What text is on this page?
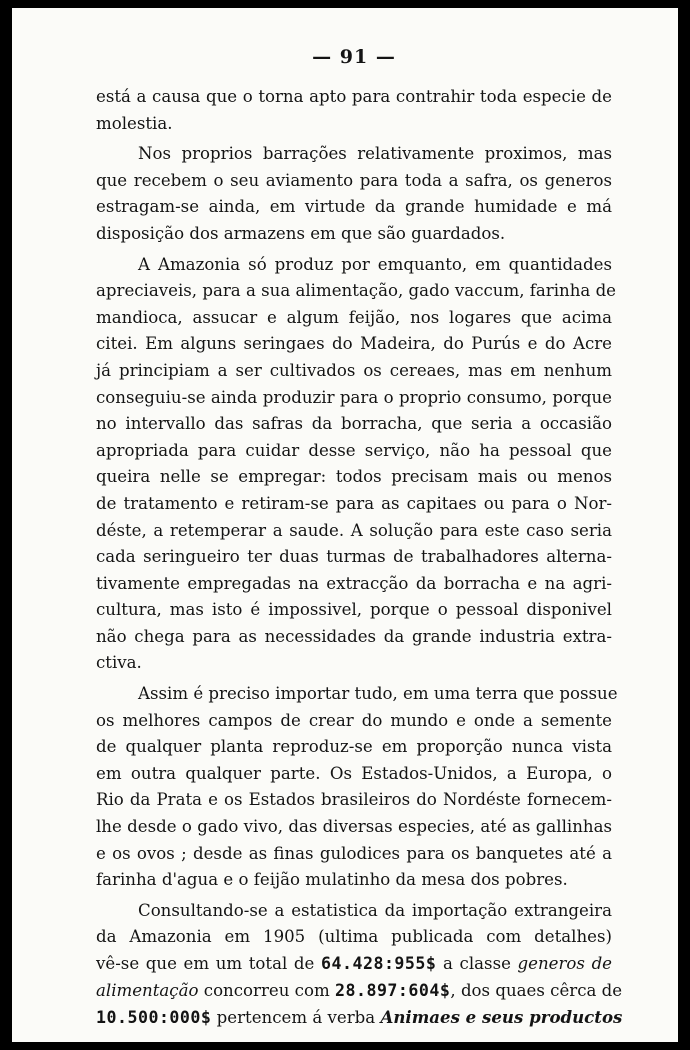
— 91 —
está a causa que o torna apto para contrahir toda especie de
molestia.
Nos proprios barrações relativamente proximos, mas
que recebem o seu aviamento para toda a safra, os generos
estragam-se ainda, em virtude da grande humidade e má
disposição dos armazens em que são guardados.
A Amazonia só produz por emquanto, em quantidades
apreciaveis, para a sua alimentação, gado vaccum, farinha de
mandioca, assucar e algum feijão, nos logares que acima
citei. Em alguns seringaes do Madeira, do Purús e do Acre
já principiam a ser cultivados os cereaes, mas em nenhum
conseguiu-se ainda produzir para o proprio consumo, porque
no intervallo das safras da borracha, que seria a occasião
apropriada para cuidar desse serviço, não ha pessoal que
queira nelle se empregar: todos precisam mais ou menos
de tratamento e retiram-se para as capitaes ou para o Nor-
déste, a retemperar a saude. A solução para este caso seria
cada seringueiro ter duas turmas de trabalhadores alterna-
tivamente empregadas na extracção da borracha e na agri-
cultura, mas isto é impossivel, porque o pessoal disponivel
não chega para as necessidades da grande industria extra-
ctiva.
Assim é preciso importar tudo, em uma terra que possue
os melhores campos de crear do mundo e onde a semente
de qualquer planta reproduz-se em proporção nunca vista
em outra qualquer parte. Os Estados-Unidos, a Europa, o
Rio da Prata e os Estados brasileiros do Nordéste fornecem-
lhe desde o gado vivo, das diversas especies, até as gallinhas
e os ovos ; desde as finas gulodices para os banquetes até a
farinha d'agua e o feijão mulatinho da mesa dos pobres.
Consultando-se a estatistica da importação extrangeira
da Amazonia em 1905 (ultima publicada com detalhes)
vê-se que em um total de 64.428:955$ a classe generos de
alimentação concorreu com 28.897:604$, dos quaes cêrca de
10.500:000$ pertencem á verba Animaes e seus productos
